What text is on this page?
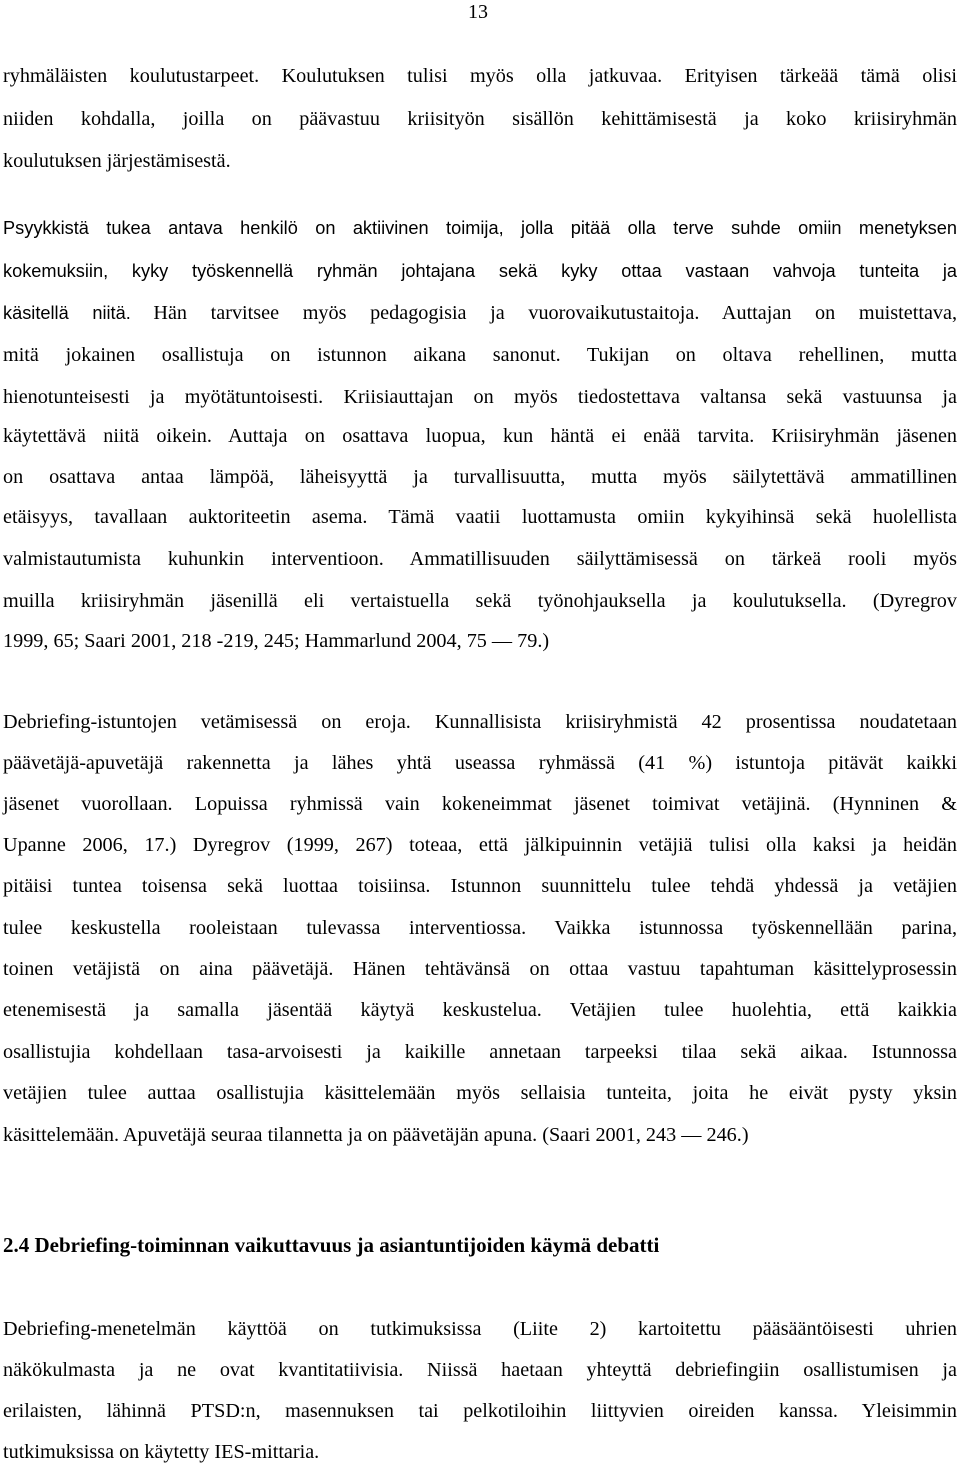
13
ryhmäläisten koulutustarpeet. Koulutuksen tulisi myös olla jatkuvaa. Erityisen tärkeää tämä olisi
niiden kohdalla, joilla on päävastuu kriisityön sisällön kehittämisestä ja koko kriisiryhmän
koulutuksen järjestämisestä.
Psyykkistä tukea antava henkilö on aktiivinen toimija, jolla pitää olla terve suhde omiin menetyksen
kokemuksiin, kyky työskennellä ryhmän johtajana sekä kyky ottaa vastaan vahvoja tunteita ja
käsitellä niitä. Hän tarvitsee myös pedagogisia ja vuorovaikutustaitoja. Auttajan on muistettava,
mitä jokainen osallistuja on istunnon aikana sanonut. Tukijan on oltava rehellinen, mutta
hienotunteisesti ja myötätuntoisesti. Kriisiauttajan on myös tiedostettava valtansa sekä vastuunsa ja
käytettävä niitä oikein. Auttaja on osattava luopua, kun häntä ei enää tarvita. Kriisiryhmän jäsenen
on osattava antaa lämpöä, läheisyyttä ja turvallisuutta, mutta myös säilytettävä ammatillinen
etäisyys, tavallaan auktoriteetin asema. Tämä vaatii luottamusta omiin kykyihinsä sekä huolellista
valmistautumista kuhunkin interventioon. Ammatillisuuden säilyttämisessä on tärkeä rooli myös
muilla kriisiryhmän jäsenillä eli vertaistuella sekä työnohjauksella ja koulutuksella. (Dyregrov
1999, 65; Saari 2001, 218 -219, 245; Hammarlund 2004, 75 — 79.)
Debriefing-istuntojen vetämisessä on eroja. Kunnallisista kriisiryhmistä 42 prosentissa noudatetaan
päävetäjä-apuvetäjä rakennetta ja lähes yhtä useassa ryhmässä (41 %) istuntoja pitävät kaikki
jäsenet vuorollaan. Lopuissa ryhmissä vain kokeneimmat jäsenet toimivat vetäjinä. (Hynninen &
Upanne 2006, 17.) Dyregrov (1999, 267) toteaa, että jälkipuinnin vetäjiä tulisi olla kaksi ja heidän
pitäisi tuntea toisensa sekä luottaa toisiinsa. Istunnon suunnittelu tulee tehdä yhdessä ja vetäjien
tulee keskustella rooleistaan tulevassa interventiossa. Vaikka istunnossa työskennellään parina,
toinen vetäjistä on aina päävetäjä. Hänen tehtävänsä on ottaa vastuu tapahtuman käsittelyprosessin
etenemisestä ja samalla jäsentää käytyä keskustelua. Vetäjien tulee huolehtia, että kaikkia
osallistujia kohdellaan tasa-arvoisesti ja kaikille annetaan tarpeeksi tilaa sekä aikaa. Istunnossa
vetäjien tulee auttaa osallistujia käsittelemään myös sellaisia tunteita, joita he eivät pysty yksin
käsittelemään. Apuvetäjä seuraa tilannetta ja on päävetäjän apuna. (Saari 2001, 243 — 246.)
2.4 Debriefing-toiminnan vaikuttavuus ja asiantuntijoiden käymä debatti
Debriefing-menetelmän käyttöä on tutkimuksissa (Liite 2) kartoitettu pääsääntöisesti uhrien
näkökulmasta ja ne ovat kvantitatiivisia. Niissä haetaan yhteyttä debriefingiin osallistumisen ja
erilaisten, lähinnä PTSD:n, masennuksen tai pelkotiloihin liittyvien oireiden kanssa. Yleisimmin
tutkimuksissa on käytetty IES-mittaria.
